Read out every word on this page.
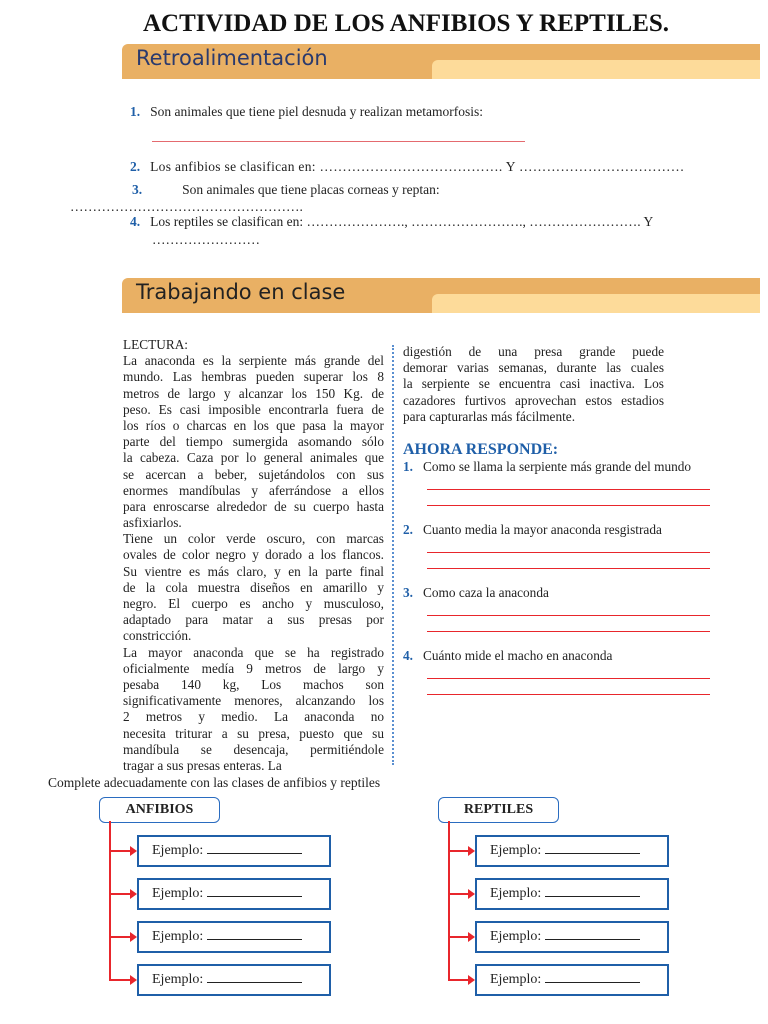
ACTIVIDAD DE LOS ANFIBIOS Y REPTILES.
Retroalimentación
1. Son animales que tiene piel desnuda y realizan metamorfosis:
2. Los anfibios se clasifican en: …………………………………. Y ………………………………
3.	Son animales que tiene placas corneas y reptan:
…………………………………………….
4. Los reptiles se clasifican en: …………………., ……………………., ……………………. Y
……………………
Trabajando en clase
LECTURA:
La anaconda es la serpiente más grande del
mundo. Las hembras pueden superar los 8
metros de largo y alcanzar los 150 Kg. de
peso. Es casi imposible encontrarla fuera de
los ríos o charcas en los que pasa la mayor
parte del tiempo sumergida asomando sólo
la cabeza. Caza por lo general animales que
se acercan a beber, sujetándolos con sus
enormes mandíbulas y aferrándose a ellos
para enroscarse alrededor de su cuerpo hasta
asfixiarlos.
Tiene un color verde oscuro, con marcas
ovales de color negro y dorado a los flancos.
Su vientre es más claro, y en la parte final
de la cola muestra diseños en amarillo y
negro. El cuerpo es ancho y musculoso,
adaptado para matar a sus presas por
constricción.
La mayor anaconda que se ha registrado
oficialmente medía 9 metros de largo y
pesaba 140 kg, Los machos son
significativamente menores, alcanzando los
2 metros y medio. La anaconda no
necesita triturar a su presa, puesto que su
mandíbula se desencaja, permitiéndole
tragar a sus presas enteras. La
digestión de una presa grande puede
demorar varias semanas, durante las cuales
la serpiente se encuentra casi inactiva. Los
cazadores furtivos aprovechan estos estadios
para capturarlas más fácilmente.
AHORA RESPONDE:
1. Como se llama la serpiente más grande del mundo
2. Cuanto media la mayor anaconda resgistrada
3. Como caza la anaconda
4. Cuánto mide el macho en anaconda
Complete adecuadamente con las clases de anfibios y reptiles
ANFIBIOS
Ejemplo:
Ejemplo:
Ejemplo:
Ejemplo:
REPTILES
Ejemplo:
Ejemplo:
Ejemplo:
Ejemplo:
